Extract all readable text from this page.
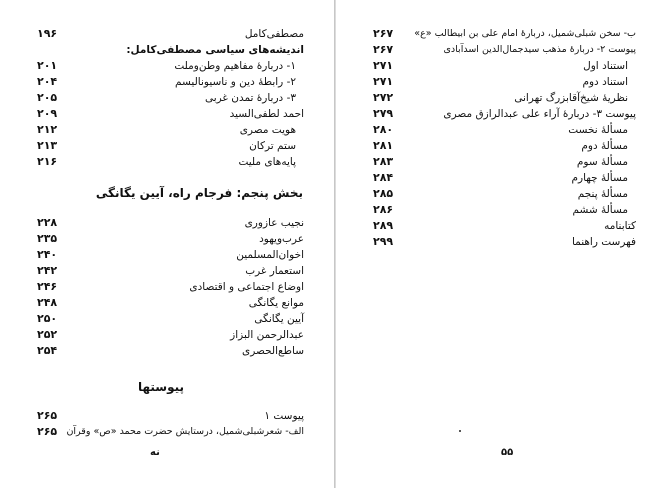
مصطفی‌کامل
۱۹۶
اندیشه‌های سیاسی مصطفی‌کامل:
۱- دربارهٔ مفاهیم وطن‌وملت
۲۰۱
۲- رابطهٔ دین و ناسیونالیسم
۲۰۴
۳- دربارهٔ تمدن غربی
۲۰۵
احمد لطفی‌السید
۲۰۹
هویت مصری
۲۱۲
ستم ترکان
۲۱۳
پایه‌های ملیت
۲۱۶
بخش پنجم: فرجام راه، آیین یگانگی
نجیب عازوری
۲۲۸
عرب‌ویهود
۲۳۵
اخوان‌المسلمین
۲۴۰
استعمار غرب
۲۴۲
اوضاع اجتماعی و اقتصادی
۲۴۶
موانع یگانگی
۲۴۸
آیین یگانگی
۲۵۰
عبدالرحمن البزاز
۲۵۲
ساطع‌الحصری
۲۵۴
پیوستها
پیوست ۱
۲۶۵
الف- شعرشبلی‌شمیل، درستایش حضرت محمد «ص» وقرآن
۲۶۵
نه
ب- سخن شبلی‌شمیل، دربارهٔ امام علی بن ابیطالب «ع»
۲۶۷
پیوست ۲- دربارهٔ مذهب سیدجمال‌الدین اسدآبادی
۲۶۷
استناد اول
۲۷۱
استناد دوم
۲۷۱
نظریهٔ شیخ‌آقابزرگ تهرانی
۲۷۲
پیوست ۳- دربارهٔ آراء علی عبدالرازق مصری
۲۷۹
مسألهٔ نخست
۲۸۰
مسألهٔ دوم
۲۸۱
مسألهٔ سوم
۲۸۳
مسألهٔ چهارم
۲۸۴
مسألهٔ پنجم
۲۸۵
مسألهٔ ششم
۲۸۶
کتابنامه
۲۸۹
فهرست راهنما
۲۹۹
۵۵
